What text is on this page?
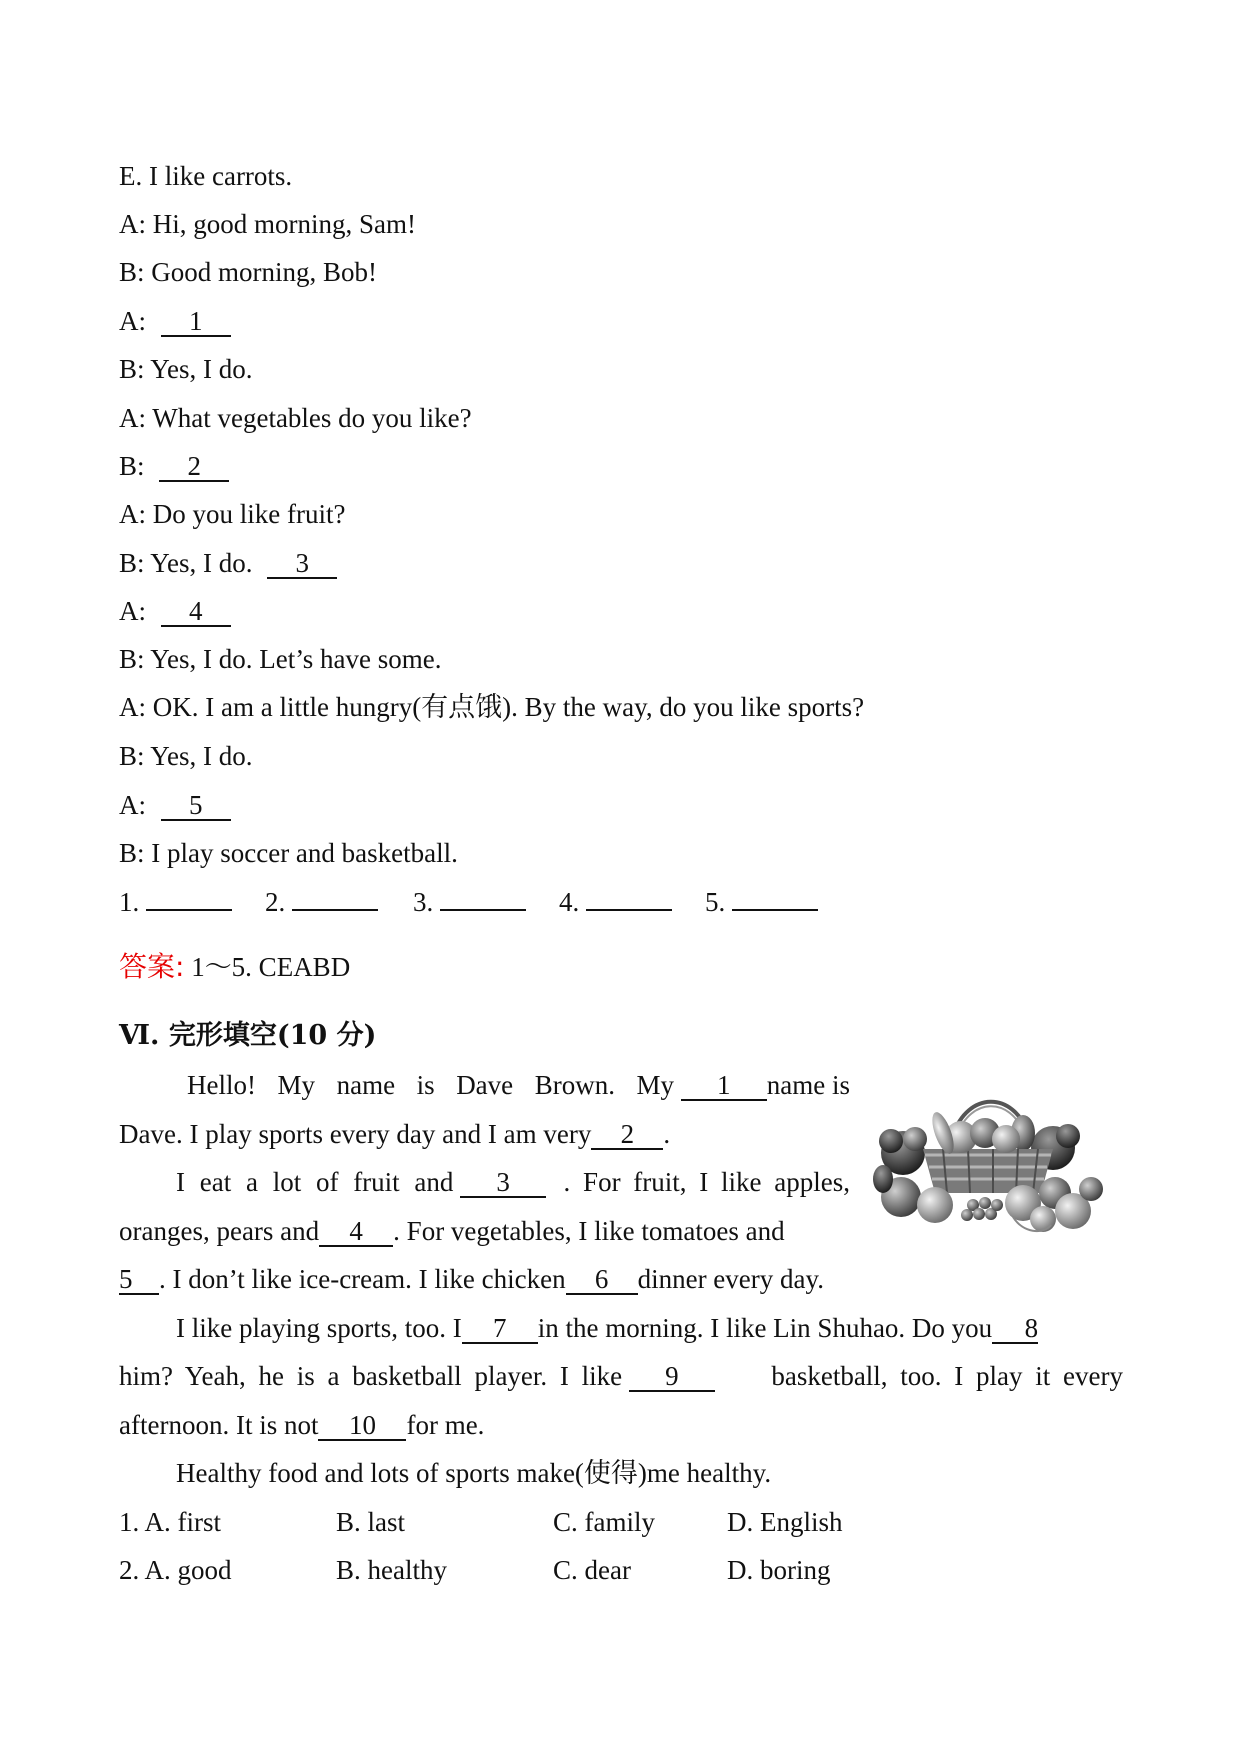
E. I like carrots.
A: Hi, good morning, Sam!
B: Good morning, Bob!
A: 1
B: Yes, I do.
A: What vegetables do you like?
B: 2
A: Do you like fruit?
B: Yes, I do. 3
A: 4
B: Yes, I do. Let’s have some.
A: OK. I am a little hungry(有点饿). By the way, do you like sports?
B: Yes, I do.
A: 5
B: I play soccer and basketball.
1.	2.	3.	4.	5.
答案: 1～5. CEABD
Ⅵ. 完形填空(10 分)
Hello! My name is Dave Brown. My 1 name is
Dave. I play sports every day and I am very 2 .
I eat a lot of fruit and 3	. For fruit, I like apples,
oranges, pears and 4 . For vegetables, I like tomatoes and
5 . I don’t like ice-cream. I like chicken 6 dinner every day.
I like playing sports, too. I 7 in the morning. I like Lin Shuhao. Do you 8
him? Yeah, he is a basketball player. I like 9	basketball, too. I play it every
afternoon. It is not 10 for me.
Healthy food and lots of sports make(使得)me healthy.
1. A. first	B. last	C. family	D. English
2. A. good	B. healthy	C. dear	D. boring
